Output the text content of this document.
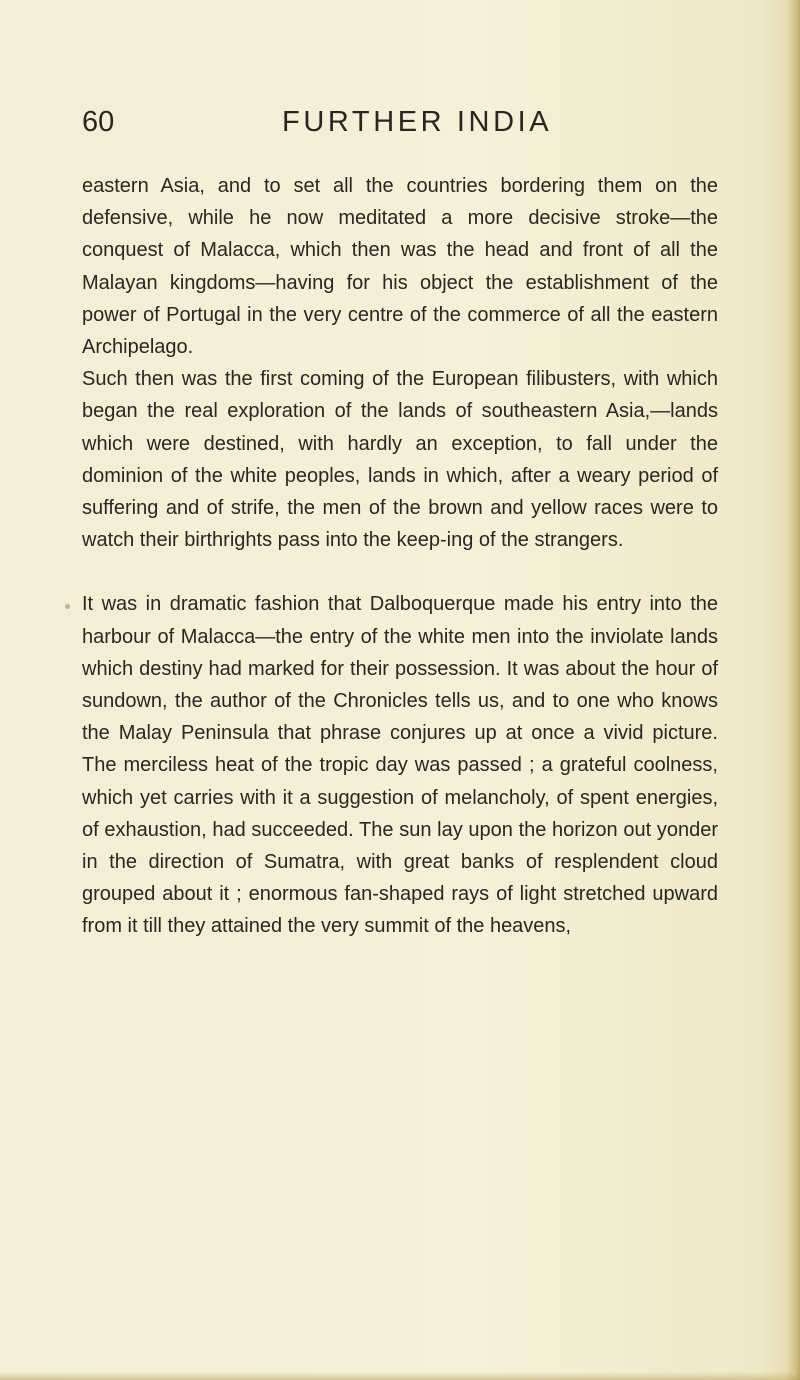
60	FURTHER INDIA

eastern Asia, and to set all the countries bordering them on the defensive, while he now meditated a more decisive stroke—the conquest of Malacca, which then was the head and front of all the Malayan kingdoms—having for his object the establishment of the power of Portugal in the very centre of the commerce of all the eastern Archipelago.

Such then was the first coming of the European filibusters, with which began the real exploration of the lands of southeastern Asia,—lands which were destined, with hardly an exception, to fall under the dominion of the white peoples, lands in which, after a weary period of suffering and of strife, the men of the brown and yellow races were to watch their birthrights pass into the keep-ing of the strangers.

It was in dramatic fashion that Dalboquerque made his entry into the harbour of Malacca—the entry of the white men into the inviolate lands which destiny had marked for their possession. It was about the hour of sundown, the author of the Chronicles tells us, and to one who knows the Malay Peninsula that phrase conjures up at once a vivid picture. The merciless heat of the tropic day was passed ; a grateful coolness, which yet carries with it a suggestion of melancholy, of spent energies, of exhaustion, had succeeded. The sun lay upon the horizon out yonder in the direction of Sumatra, with great banks of resplendent cloud grouped about it ; enormous fan-shaped rays of light stretched upward from it till they attained the very summit of the heavens,
